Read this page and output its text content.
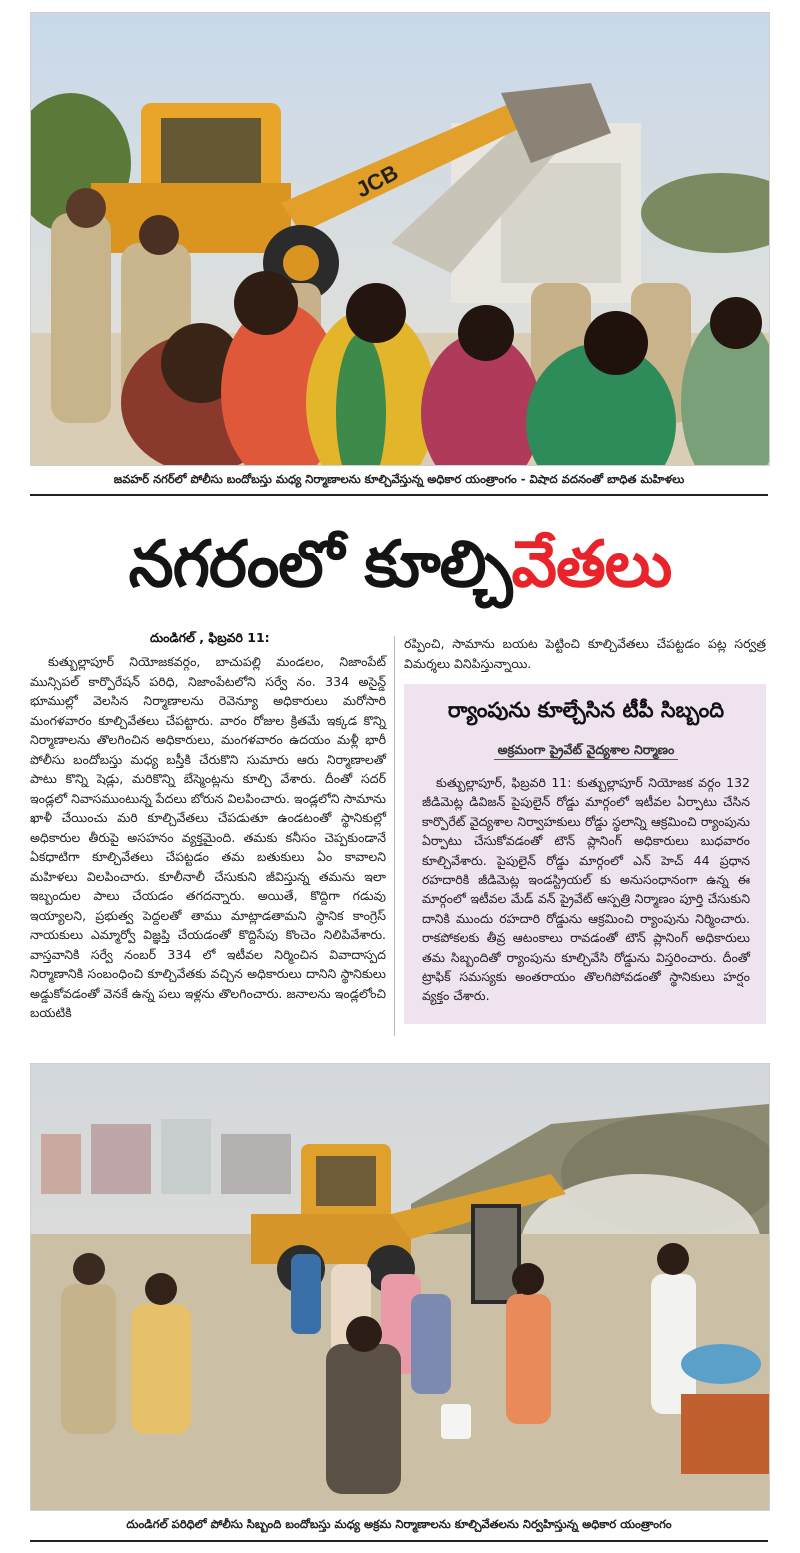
JCB
జవహర్ నగర్‌లో పోలీసు బందోబస్తు మధ్య నిర్మాణాలను కూల్చివేస్తున్న అధికార యంత్రాంగం - విషాద వదనంతో బాధిత మహిళలు
నగరంలో కూల్చివేతలు
దుండిగల్ , ఫిబ్రవరి 11:

కుత్బుల్లాపూర్ నియోజకవర్గం, బాచుపల్లి మండలం, నిజాంపేట్ మున్సిపల్ కార్పొరేషన్ పరిధి, నిజాంపేటలోని సర్వే నం. 334 అసైన్డ్ భూముల్లో వెలసిన నిర్మాణాలను రెవెన్యూ అధికారులు మరోసారి మంగళవారం కూల్చివేతలు చేపట్టారు. వారం రోజుల క్రితమే ఇక్కడ కొన్ని నిర్మాణాలను తొలగించిన అధికారులు, మంగళవారం ఉదయం మళ్లీ భారీ పోలీసు బందోబస్తు మధ్య బస్తీకి చేరుకొని సుమారు ఆరు నిర్మాణాలతో పాటు కొన్ని షెడ్లు, మరికొన్ని బేస్మెంట్లను కూల్చి వేశారు. దీంతో సదర్ ఇండ్లలో నివాసముంటున్న పేదలు బోరున విలపించారు. ఇండ్లలోని సామాను ఖాళీ చేయించు మరి కూల్చివేతలు చేపడుతూ ఉండటంతో స్థానికుల్లో అధికారుల తీరుపై అసహనం వ్యక్తమైంది. తమకు కనీసం చెప్పకుండానే ఏకధాటిగా కూల్చివేతలు చేపట్టడం తమ బతుకులు ఏం కావాలని మహిళలు విలపించారు. కూలీనాలీ చేసుకుని జీవిస్తున్న తమను ఇలా ఇబ్బందుల పాలు చేయడం తగదన్నారు. అయితే, కొద్దిగా గడువు ఇయ్యాలని, ప్రభుత్వ పెద్దలతో తాము మాట్లాడతామని స్థానిక కాంగ్రెస్ నాయకులు ఎమ్మార్వో విజ్ఞప్తి చేయడంతో కొద్దిసేపు కొంచెం నిలిపివేశారు. వాస్తవానికి సర్వే నంబర్ 334 లో ఇటీవల నిర్మించిన వివాదాస్పద నిర్మాణానికి సంబంధించి కూల్చివేతకు వచ్చిన అధికారులు దానిని స్థానికులు అడ్డుకోవడంతో వెనకే ఉన్న పలు ఇళ్లను తొలగించారు. జనాలను ఇండ్లలోంచి బయటికి

రప్పించి, సామాను బయట పెట్టించి కూల్చివేతలు చేపట్టడం పట్ల సర్వత్ర విమర్శలు వినిపిస్తున్నాయి.

ర్యాంపును కూల్చేసిన టీపీ సిబ్బంది
అక్రమంగా ప్రైవేట్ వైద్యశాల నిర్మాణం

కుత్బుల్లాపూర్, ఫిబ్రవరి 11: కుత్బుల్లాపూర్ నియోజక వర్గం 132 జీడిమెట్ల డివిజన్ పైపులైన్ రోడ్డు మార్గంలో ఇటీవల ఏర్పాటు చేసిన కార్పొరేట్ వైద్యశాల నిర్వాహకులు రోడ్డు స్థలాన్ని ఆక్రమించి ర్యాంపును ఏర్పాటు చేసుకోవడంతో టౌన్ ప్లానింగ్ అధికారులు బుధవారం కూల్చివేశారు. పైపులైన్ రోడ్డు మార్గంలో ఎన్ హెచ్ 44 ప్రధాన రహదారికి జీడిమెట్ల ఇండస్ట్రియల్ కు అనుసంధానంగా ఉన్న ఈ మార్గంలో ఇటీవల మేడ్ వన్ ప్రైవేట్ ఆస్పత్రి నిర్మాణం పూర్తి చేసుకుని దానికి ముందు రహదారి రోడ్డును ఆక్రమించి ర్యాంపును నిర్మించారు. రాకపోకలకు తీవ్ర ఆటంకాలు రావడంతో టౌన్ ప్లానింగ్ అధికారులు తమ సిబ్బందితో ర్యాంపును కూల్చివేసి రోడ్డును విస్తరించారు. దీంతో ట్రాఫిక్ సమస్యకు అంతరాయం తొలగిపోవడంతో స్థానికులు హర్షం వ్యక్తం చేశారు.

దుండిగల్ పరిధిలో పోలీసు సిబ్బంది బందోబస్తు మధ్య అక్రమ నిర్మాణాలను కూల్చివేతలను నిర్వహిస్తున్న అధికార యంత్రాంగం
